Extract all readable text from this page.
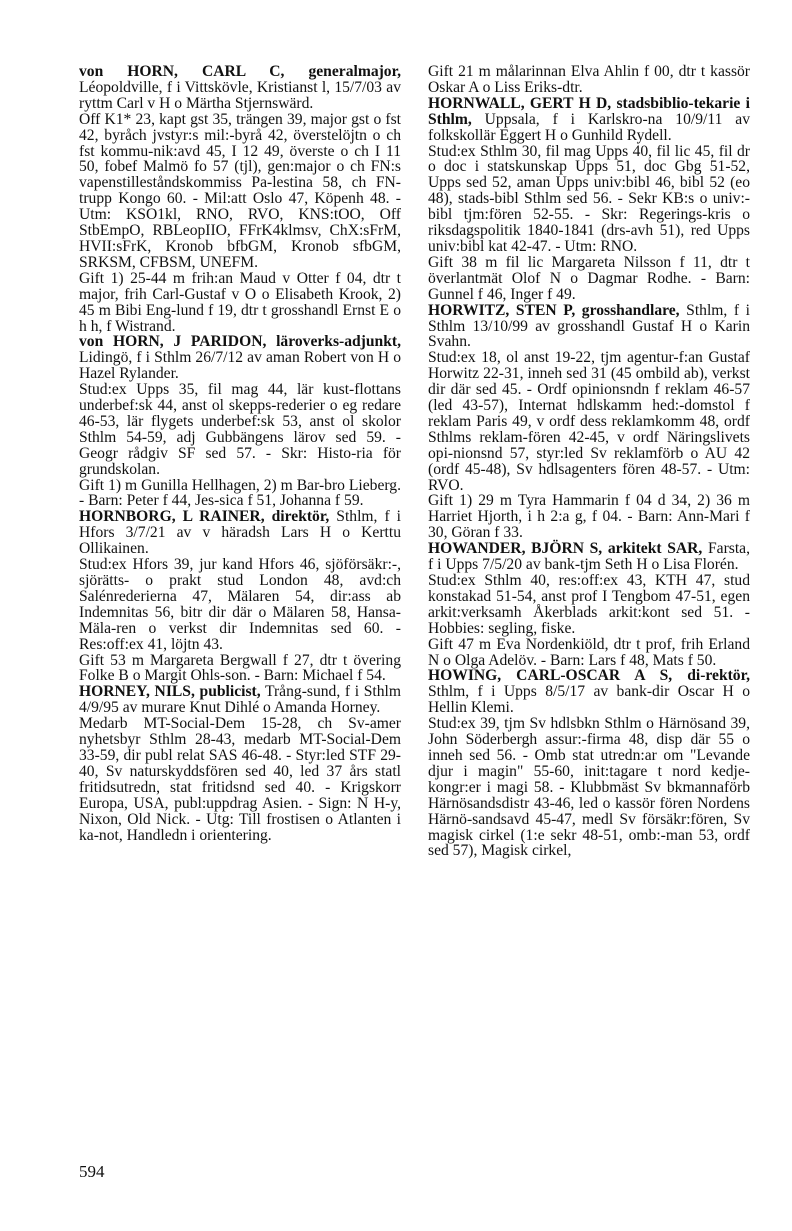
von HORN, CARL C, generalmajor, Léopoldville, f i Vittskövle, Kristianst l, 15/7/03 av ryttm Carl v H o Märtha Stjernswärd.

Off K1* 23, kapt gst 35, trängen 39, major gst o fst 42, byråch jvstyr:s mil:-byrå 42, överstelöjtn o ch fst kommu-nik:avd 45, I 12 49, överste o ch I 11 50, fobef Malmö fo 57 (tjl), gen:major o ch FN:s vapenstilleståndskommiss Pa-lestina 58, ch FN-trupp Kongo 60. - Mil:att Oslo 47, Köpenh 48. - Utm: KSO1kl, RNO, RVO, KNS:tOO, Off StbEmpO, RBLeopIIO, FFrK4klmsv, ChX:sFrM, HVII:sFrK, Kronob bfbGM, Kronob sfbGM, SRKSM, CFBSM, UNEFM.

Gift 1) 25-44 m frih:an Maud v Otter f 04, dtr t major, frih Carl-Gustaf v O o Elisabeth Krook, 2) 45 m Bibi Eng-lund f 19, dtr t grosshandl Ernst E o h h, f Wistrand.

von HORN, J PARIDON, läroverks-adjunkt, Lidingö, f i Sthlm 26/7/12 av aman Robert von H o Hazel Rylander.

Stud:ex Upps 35, fil mag 44, lär kust-flottans underbef:sk 44, anst ol skepps-rederier o eg redare 46-53, lär flygets underbef:sk 53, anst ol skolor Sthlm 54-59, adj Gubbängens lärov sed 59. - Geogr rådgiv SF sed 57. - Skr: Histo-ria för grundskolan.

Gift 1) m Gunilla Hellhagen, 2) m Bar-bro Lieberg. - Barn: Peter f 44, Jes-sica f 51, Johanna f 59.

HORNBORG, L RAINER, direktör, Sthlm, f i Hfors 3/7/21 av v häradsh Lars H o Kerttu Ollikainen.

Stud:ex Hfors 39, jur kand Hfors 46, sjöförsäkr:-, sjörätts- o prakt stud London 48, avd:ch Salénrederierna 47, Mälaren 54, dir:ass ab Indemnitas 56, bitr dir där o Mälaren 58, Hansa-Mäla-ren o verkst dir Indemnitas sed 60. - Res:off:ex 41, löjtn 43.

Gift 53 m Margareta Bergwall f 27, dtr t övering Folke B o Margit Ohls-son. - Barn: Michael f 54.

HORNEY, NILS, publicist, Trång-sund, f i Sthlm 4/9/95 av murare Knut Dihlé o Amanda Horney.

Medarb MT-Social-Dem 15-28, ch Sv-amer nyhetsbyr Sthlm 28-43, medarb MT-Social-Dem 33-59, dir publ relat SAS 46-48. - Styr:led STF 29-40, Sv naturskyddsfören sed 40, led 37 års statl fritidsutredn, stat fritidsnd sed 40. - Krigskorr Europa, USA, publ:uppdrag Asien. - Sign: N H-y, Nixon, Old Nick. - Utg: Till frostisen o Atlanten i ka-not, Handledn i orientering.

Gift 21 m målarinnan Elva Ahlin f 00, dtr t kassör Oskar A o Liss Eriks-dtr.

HORNWALL, GERT H D, stadsbiblio-tekarie i Sthlm, Uppsala, f i Karlskro-na 10/9/11 av folkskollär Eggert H o Gunhild Rydell.

Stud:ex Sthlm 30, fil mag Upps 40, fil lic 45, fil dr o doc i statskunskap Upps 51, doc Gbg 51-52, Upps sed 52, aman Upps univ:bibl 46, bibl 52 (eo 48), stads-bibl Sthlm sed 56. - Sekr KB:s o univ:-bibl tjm:fören 52-55. - Skr: Regerings-kris o riksdagspolitik 1840-1841 (drs-avh 51), red Upps univ:bibl kat 42-47. - Utm: RNO.

Gift 38 m fil lic Margareta Nilsson f 11, dtr t överlantmät Olof N o Dagmar Rodhe. - Barn: Gunnel f 46, Inger f 49.

HORWITZ, STEN P, grosshandlare, Sthlm, f i Sthlm 13/10/99 av grosshandl Gustaf H o Karin Svahn.

Stud:ex 18, ol anst 19-22, tjm agentur-f:an Gustaf Horwitz 22-31, inneh sed 31 (45 ombild ab), verkst dir där sed 45. - Ordf opinionsndn f reklam 46-57 (led 43-57), Internat hdlskamm hed:-domstol f reklam Paris 49, v ordf dess reklamkomm 48, ordf Sthlms reklam-fören 42-45, v ordf Näringslivets opi-nionsnd 57, styr:led Sv reklamförb o AU 42 (ordf 45-48), Sv hdlsagenters fören 48-57. - Utm: RVO.

Gift 1) 29 m Tyra Hammarin f 04 d 34, 2) 36 m Harriet Hjorth, i h 2:a g, f 04. - Barn: Ann-Mari f 30, Göran f 33.

HOWANDER, BJÖRN S, arkitekt SAR, Farsta, f i Upps 7/5/20 av bank-tjm Seth H o Lisa Florén.

Stud:ex Sthlm 40, res:off:ex 43, KTH 47, stud konstakad 51-54, anst prof I Tengbom 47-51, egen arkit:verksamh Åkerblads arkit:kont sed 51. - Hobbies: segling, fiske.

Gift 47 m Eva Nordenkiöld, dtr t prof, frih Erland N o Olga Adelöv. - Barn: Lars f 48, Mats f 50.

HOWING, CARL-OSCAR A S, di-rektör, Sthlm, f i Upps 8/5/17 av bank-dir Oscar H o Hellin Klemi.

Stud:ex 39, tjm Sv hdlsbkn Sthlm o Härnösand 39, John Söderbergh assur:-firma 48, disp där 55 o inneh sed 56. - Omb stat utredn:ar om "Levande djur i magin" 55-60, init:tagare t nord kedje-kongr:er i magi 58. - Klubbmäst Sv bkmannaförb Härnösandsdistr 43-46, led o kassör fören Nordens Härnö-sandsavd 45-47, medl Sv försäkr:fören, Sv magisk cirkel (1:e sekr 48-51, omb:-man 53, ordf sed 57), Magisk cirkel,

594
